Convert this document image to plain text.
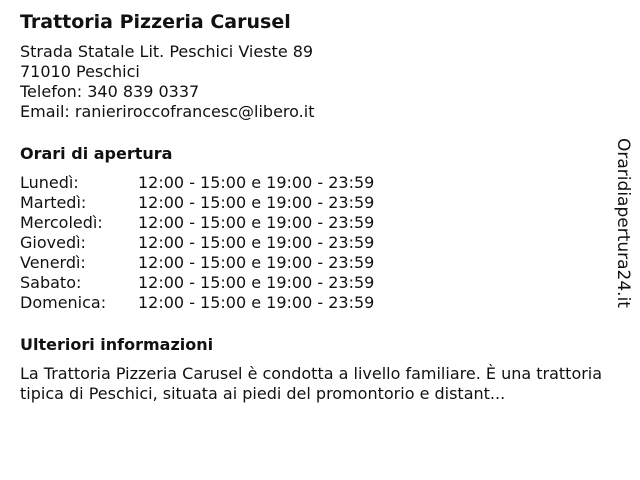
Trattoria Pizzeria Carusel

Strada Statale Lit. Peschici Vieste 89

71010 Peschici

Telefon: 340 839 0337

Email: ranieriroccofrancesc@libero.it

Orari di apertura
Lunedì:	12:00 - 15:00 e 19:00 - 23:59
Martedì:	12:00 - 15:00 e 19:00 - 23:59
Mercoledì:	12:00 - 15:00 e 19:00 - 23:59
Giovedì:	12:00 - 15:00 e 19:00 - 23:59
Venerdì:	12:00 - 15:00 e 19:00 - 23:59
Sabato:	12:00 - 15:00 e 19:00 - 23:59
Domenica:	12:00 - 15:00 e 19:00 - 23:59
Ulteriori informazioni

La Trattoria Pizzeria Carusel è condotta a livello familiare. È una trattoria tipica di Peschici, situata ai piedi del promontorio e distant...

Oraridiapertura24.it
